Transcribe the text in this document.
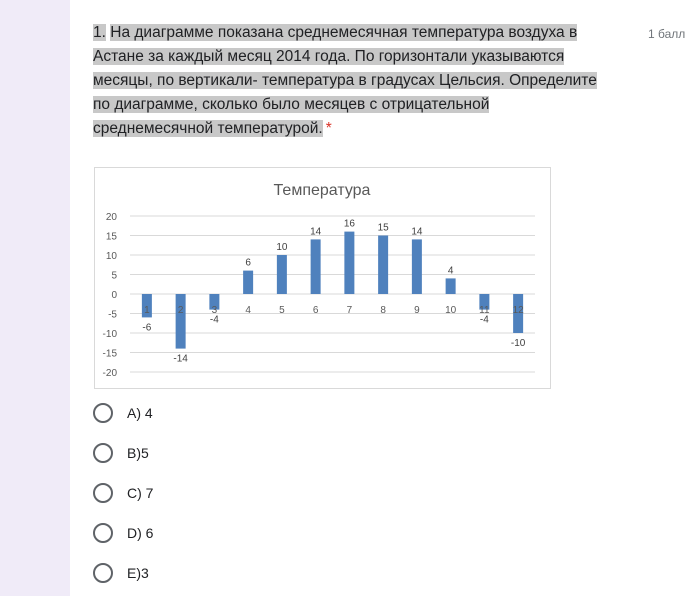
1. На диаграмме показана среднемесячная температура воздуха в Астане за каждый месяц 2014 года. По горизонтали указываются месяцы, по вертикали- температура в градусах Цельсия. Определите по диаграмме, сколько было месяцев с отрицательной среднемесячной температурой. *
1 балл
Температура
20
15
10
5
0
-5
-10
-15
-20
1
-6
2
-14
3
-4
4
6
5
10
6
14
7
16
8
15
9
14
10
4
11
-4
12
-10
A) 4
B)5
C) 7
D) 6
E)3
